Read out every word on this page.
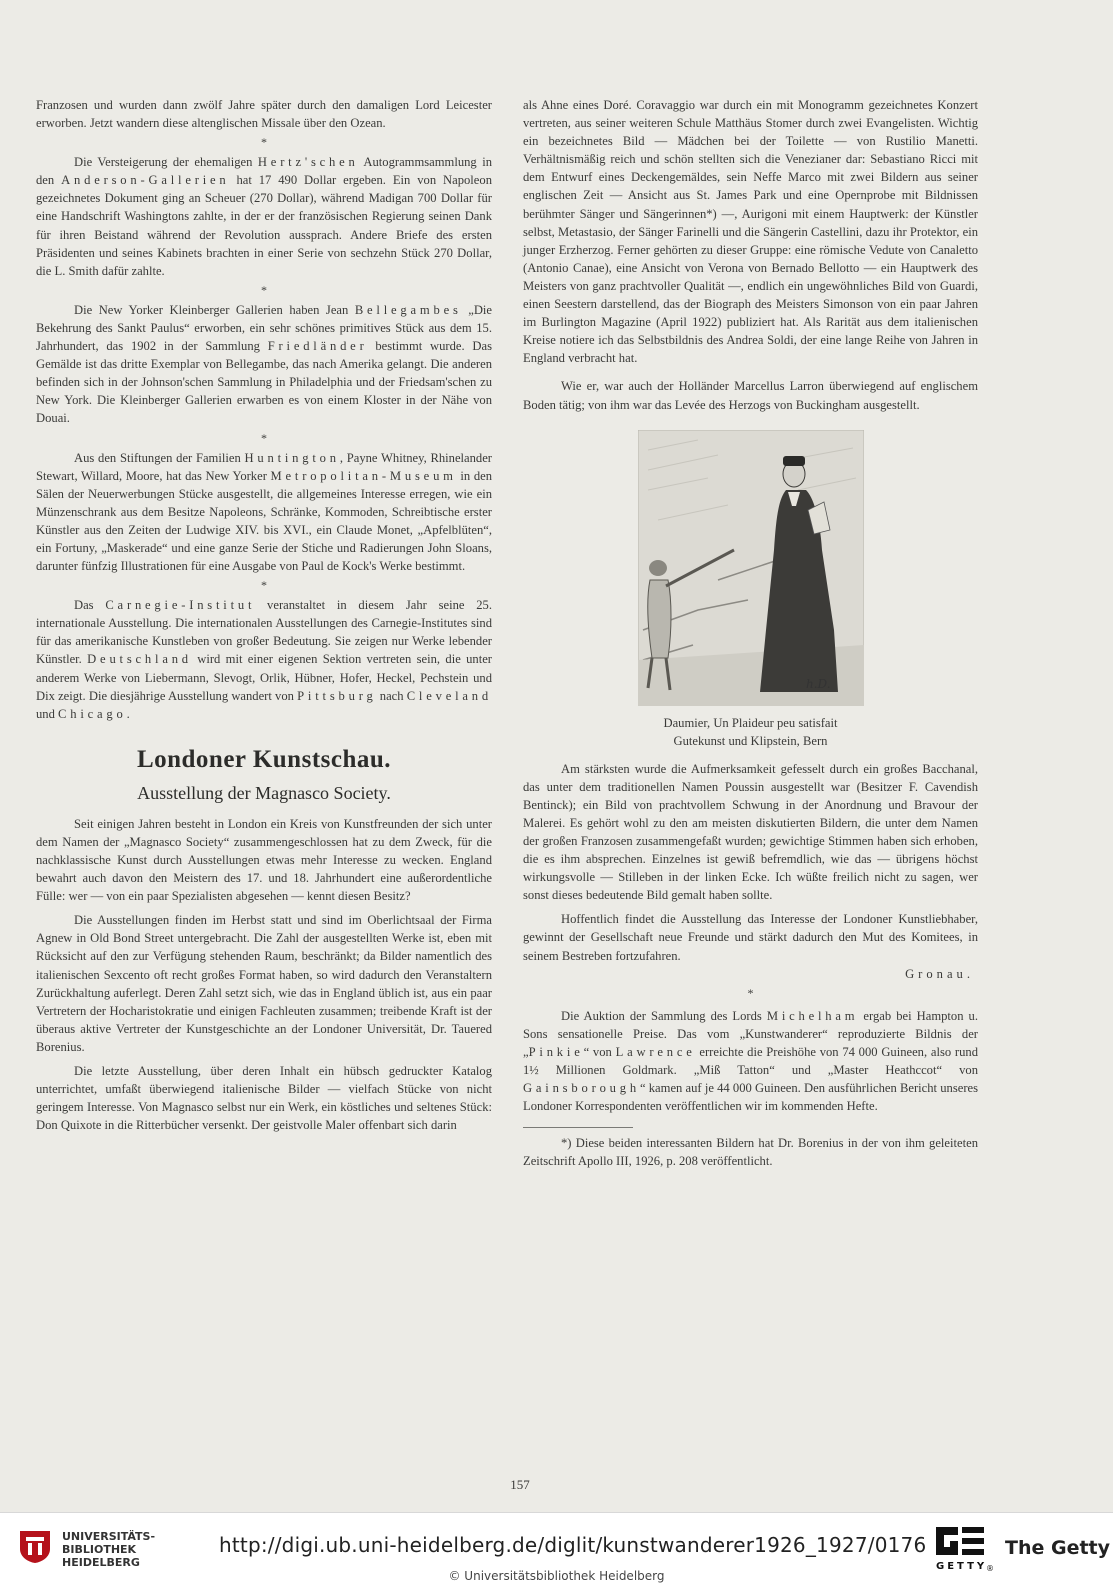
Franzosen und wurden dann zwölf Jahre später durch den damaligen Lord Leicester erworben. Jetzt wandern diese altenglischen Missale über den Ozean.

*

Die Versteigerung der ehemaligen Hertz'schen Autogrammsammlung in den Anderson-Gallerien hat 17 490 Dollar ergeben. Ein von Napoleon gezeichnetes Dokument ging an Scheuer (270 Dollar), während Madigan 700 Dollar für eine Handschrift Washingtons zahlte, in der er der französischen Regierung seinen Dank für ihren Beistand während der Revolution aussprach. Andere Briefe des ersten Präsidenten und seines Kabinets brachten in einer Serie von sechzehn Stück 270 Dollar, die L. Smith dafür zahlte.

*

Die New Yorker Kleinberger Gallerien haben Jean Bellegambes „Die Bekehrung des Sankt Paulus“ erworben, ein sehr schönes primitives Stück aus dem 15. Jahrhundert, das 1902 in der Sammlung Friedländer bestimmt wurde. Das Gemälde ist das dritte Exemplar von Bellegambe, das nach Amerika gelangt. Die anderen befinden sich in der Johnson'schen Sammlung in Philadelphia und der Friedsam'schen zu New York. Die Kleinberger Gallerien erwarben es von einem Kloster in der Nähe von Douai.

*

Aus den Stiftungen der Familien Huntington, Payne Whitney, Rhinelander Stewart, Willard, Moore, hat das New Yorker Metropolitan-Museum in den Sälen der Neuerwerbungen Stücke ausgestellt, die allgemeines Interesse erregen, wie ein Münzenschrank aus dem Besitze Napoleons, Schränke, Kommoden, Schreibtische erster Künstler aus den Zeiten der Ludwige XIV. bis XVI., ein Claude Monet, „Apfelblüten“, ein Fortuny, „Maskerade“ und eine ganze Serie der Stiche und Radierungen John Sloans, darunter fünfzig Illustrationen für eine Ausgabe von Paul de Kock's Werke bestimmt.

*

Das Carnegie-Institut veranstaltet in diesem Jahr seine 25. internationale Ausstellung. Die internationalen Ausstellungen des Carnegie-Institutes sind für das amerikanische Kunstleben von großer Bedeutung. Sie zeigen nur Werke lebender Künstler. Deutschland wird mit einer eigenen Sektion vertreten sein, die unter anderem Werke von Liebermann, Slevogt, Orlik, Hübner, Hofer, Heckel, Pechstein und Dix zeigt. Die diesjährige Ausstellung wandert von Pittsburg nach Cleveland und Chicago.

Londoner Kunstschau.
Ausstellung der Magnasco Society.

Seit einigen Jahren besteht in London ein Kreis von Kunstfreunden der sich unter dem Namen der „Magnasco Society“ zusammengeschlossen hat zu dem Zweck, für die nachklassische Kunst durch Ausstellungen etwas mehr Interesse zu wecken. England bewahrt auch davon den Meistern des 17. und 18. Jahrhundert eine außerordentliche Fülle: wer — von ein paar Spezialisten abgesehen — kennt diesen Besitz?

Die Ausstellungen finden im Herbst statt und sind im Oberlichtsaal der Firma Agnew in Old Bond Street untergebracht. Die Zahl der ausgestellten Werke ist, eben mit Rücksicht auf den zur Verfügung stehenden Raum, beschränkt; da Bilder namentlich des italienischen Sexcento oft recht großes Format haben, so wird dadurch den Veranstaltern Zurückhaltung auferlegt. Deren Zahl setzt sich, wie das in England üblich ist, aus ein paar Vertretern der Hocharistokratie und einigen Fachleuten zusammen; treibende Kraft ist der überaus aktive Vertreter der Kunstgeschichte an der Londoner Universität, Dr. Tauered Borenius.

Die letzte Ausstellung, über deren Inhalt ein hübsch gedruckter Katalog unterrichtet, umfaßt überwiegend italienische Bilder — vielfach Stücke von nicht geringem Interesse. Von Magnasco selbst nur ein Werk, ein köstliches und seltenes Stück: Don Quixote in die Ritterbücher versenkt. Der geistvolle Maler offenbart sich darin

als Ahne eines Doré. Coravaggio war durch ein mit Monogramm gezeichnetes Konzert vertreten, aus seiner weiteren Schule Matthäus Stomer durch zwei Evangelisten. Wichtig ein bezeichnetes Bild — Mädchen bei der Toilette — von Rustilio Manetti. Verhältnismäßig reich und schön stellten sich die Venezianer dar: Sebastiano Ricci mit dem Entwurf eines Deckengemäldes, sein Neffe Marco mit zwei Bildern aus seiner englischen Zeit — Ansicht aus St. James Park und eine Opernprobe mit Bildnissen berühmter Sänger und Sängerinnen*) —, Aurigoni mit einem Hauptwerk: der Künstler selbst, Metastasio, der Sänger Farinelli und die Sängerin Castellini, dazu ihr Protektor, ein junger Erzherzog. Ferner gehörten zu dieser Gruppe: eine römische Vedute von Canaletto (Antonio Canae), eine Ansicht von Verona von Bernado Bellotto — ein Hauptwerk des Meisters von ganz prachtvoller Qualität —, endlich ein ungewöhnliches Bild von Guardi, einen Seestern darstellend, das der Biograph des Meisters Simonson von ein paar Jahren im Burlington Magazine (April 1922) publiziert hat. Als Rarität aus dem italienischen Kreise notiere ich das Selbstbildnis des Andrea Soldi, der eine lange Reihe von Jahren in England verbracht hat.

Wie er, war auch der Holländer Marcellus Larron überwiegend auf englischem Boden tätig; von ihm war das Levée des Herzogs von Buckingham ausgestellt.

h.D.
Daumier, Un Plaideur peu satisfait
Gutekunst und Klipstein, Bern

Am stärksten wurde die Aufmerksamkeit gefesselt durch ein großes Bacchanal, das unter dem traditionellen Namen Poussin ausgestellt war (Besitzer F. Cavendish Bentinck); ein Bild von prachtvollem Schwung in der Anordnung und Bravour der Malerei. Es gehört wohl zu den am meisten diskutierten Bildern, die unter dem Namen der großen Franzosen zusammengefaßt wurden; gewichtige Stimmen haben sich erhoben, die es ihm absprechen. Einzelnes ist gewiß befremdlich, wie das — übrigens höchst wirkungsvolle — Stilleben in der linken Ecke. Ich wüßte freilich nicht zu sagen, wer sonst dieses bedeutende Bild gemalt haben sollte.

Hoffentlich findet die Ausstellung das Interesse der Londoner Kunstliebhaber, gewinnt der Gesellschaft neue Freunde und stärkt dadurch den Mut des Komitees, in seinem Bestreben fortzufahren.

Gronau.
*

Die Auktion der Sammlung des Lords Michelham ergab bei Hampton u. Sons sensationelle Preise. Das vom „Kunstwanderer“ reproduzierte Bildnis der „Pinkie“ von Lawrence erreichte die Preishöhe von 74 000 Guineen, also rund 1½ Millionen Goldmark. „Miß Tatton“ und „Master Heathccot“ von Gainsborough“ kamen auf je 44 000 Guineen. Den ausführlichen Bericht unseres Londoner Korrespondenten veröffentlichen wir im kommenden Hefte.

*) Diese beiden interessanten Bildern hat Dr. Borenius in der von ihm geleiteten Zeitschrift Apollo III, 1926, p. 208 veröffentlicht.

157
UNIVERSITÄTS-
BIBLIOTHEK
HEIDELBERG
http://digi.ub.uni-heidelberg.de/diglit/kunstwanderer1926_1927/0176
© Universitätsbibliothek Heidelberg
GETTY
®
The Getty
